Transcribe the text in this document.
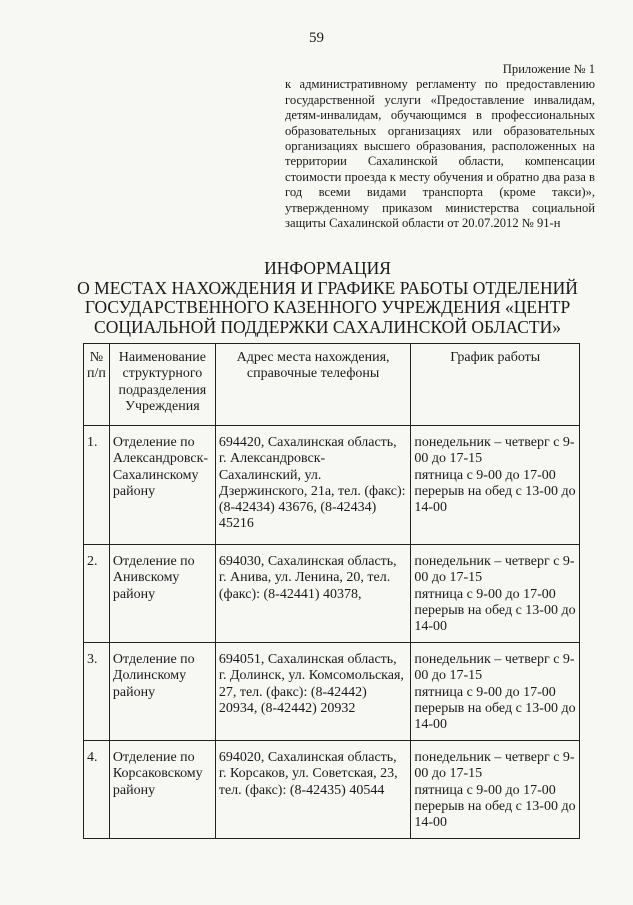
59
Приложение № 1
к административному регламенту по предоставлению государственной услуги «Предоставление инвалидам, детям-инвалидам, обучающимся в профессиональных образовательных организациях или образовательных организациях высшего образования, расположенных на территории Сахалинской области, компенсации стоимости проезда к месту обучения и обратно два раза в год всеми видами транспорта (кроме такси)», утвержденному приказом министерства социальной защиты Сахалинской области от 20.07.2012 № 91-н
ИНФОРМАЦИЯ
О МЕСТАХ НАХОЖДЕНИЯ И ГРАФИКЕ РАБОТЫ ОТДЕЛЕНИЙ
ГОСУДАРСТВЕННОГО КАЗЕННОГО УЧРЕЖДЕНИЯ «ЦЕНТР
СОЦИАЛЬНОЙ ПОДДЕРЖКИ САХАЛИНСКОЙ ОБЛАСТИ»
№ п/п	Наименование структурного подразделения Учреждения	Адрес места нахождения, справочные телефоны	График работы
1.	Отделение по Александровск-Сахалинскому району	694420, Сахалинская область, г. Александровск-Сахалинский, ул. Дзержинского, 21а, тел. (факс): (8-42434) 43676, (8-42434) 45216	понедельник – четверг с 9-00 до 17-15
пятница с 9-00 до 17-00
перерыв на обед с 13-00 до 14-00

2.	Отделение по Анивскому району	694030, Сахалинская область, г. Анива, ул. Ленина, 20, тел. (факс): (8-42441) 40378,	понедельник – четверг с 9-00 до 17-15
пятница с 9-00 до 17-00
перерыв на обед с 13-00 до 14-00

3.	Отделение по Долинскому району	694051, Сахалинская область, г. Долинск, ул. Комсомольская, 27, тел. (факс): (8-42442) 20934, (8-42442) 20932	понедельник – четверг с 9-00 до 17-15
пятница с 9-00 до 17-00
перерыв на обед с 13-00 до 14-00

4.	Отделение по Корсаковскому району	694020, Сахалинская область, г. Корсаков, ул. Советская, 23, тел. (факс): (8-42435) 40544	понедельник – четверг с 9-00 до 17-15
пятница с 9-00 до 17-00
перерыв на обед с 13-00 до 14-00
